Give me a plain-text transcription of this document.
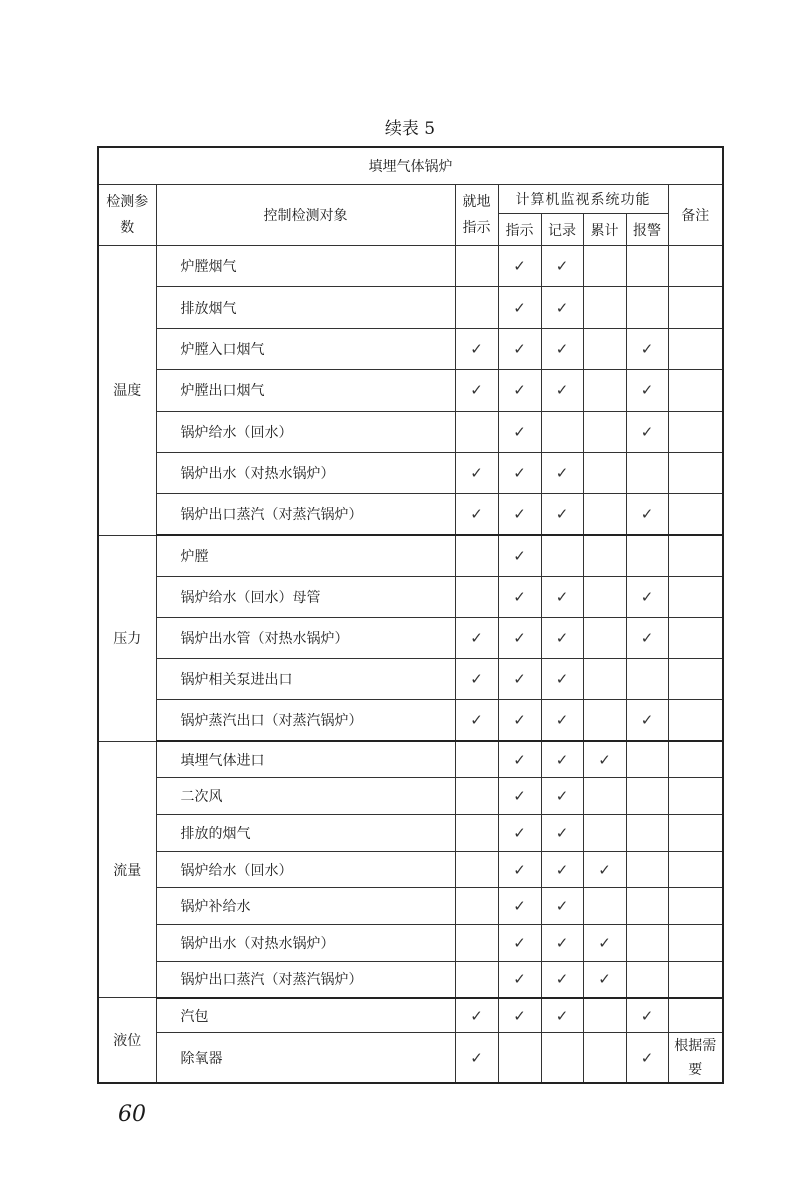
续表 5
填埋气体锅炉							
检测参数	控制检测对象	就地指示	计算机监视系统功能				备注
			指示	记录	累计	报警	
温度	炉膛烟气		✓	✓			
	排放烟气		✓	✓			
	炉膛入口烟气	✓	✓	✓		✓	
	炉膛出口烟气	✓	✓	✓		✓	
	锅炉给水（回水）		✓			✓	
	锅炉出水（对热水锅炉）	✓	✓	✓			
	锅炉出口蒸汽（对蒸汽锅炉）	✓	✓	✓		✓	
压力	炉膛		✓				
	锅炉给水（回水）母管		✓	✓		✓	
	锅炉出水管（对热水锅炉）	✓	✓	✓		✓	
	锅炉相关泵进出口	✓	✓	✓			
	锅炉蒸汽出口（对蒸汽锅炉）	✓	✓	✓		✓	
流量	填埋气体进口		✓	✓	✓		
	二次风		✓	✓			
	排放的烟气		✓	✓			
	锅炉给水（回水）		✓	✓	✓		
	锅炉补给水		✓	✓			
	锅炉出水（对热水锅炉）		✓	✓	✓		
	锅炉出口蒸汽（对蒸汽锅炉）		✓	✓	✓		
液位	汽包	✓	✓	✓		✓	
	除氧器	✓				✓	根据需要
60
